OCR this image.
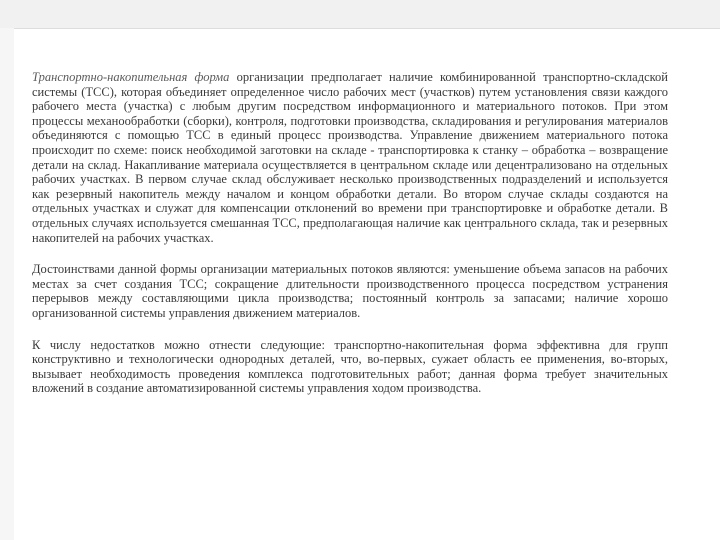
Транспортно-накопительная форма организации предполагает наличие комбинированной транспортно-складской системы (ТСС), которая объединяет определенное число рабочих мест (участков) путем установления связи каждого рабочего места (участка) с любым другим посредством информационного и материального потоков. При этом процессы механообработки (сборки), контроля, подготовки производства, складирования и регулирования материалов объединяются с помощью ТСС в единый процесс производства. Управление движением материального потока происходит по схеме: поиск необходимой заготовки на складе - транспортировка к станку – обработка – возвращение детали на склад. Накапливание материала осуществляется в центральном складе или децентрализовано на отдельных рабочих участках. В первом случае склад обслуживает несколько производственных подразделений и используется как резервный накопитель между началом и концом обработки детали. Во втором случае склады создаются на отдельных участках и служат для компенсации отклонений во времени при транспортировке и обработке детали. В отдельных случаях используется смешанная ТСС, предполагающая наличие как центрального склада, так и резервных накопителей на рабочих участках.

Достоинствами данной формы организации материальных потоков являются: уменьшение объема запасов на рабочих местах за счет создания ТСС; сокращение длительности производственного процесса посредством устранения перерывов между составляющими цикла производства; постоянный контроль за запасами; наличие хорошо организованной системы управления движением материалов.

К числу недостатков можно отнести следующие: транспортно-накопительная форма эффективна для групп конструктивно и технологически однородных деталей, что, во-первых, сужает область ее применения, во-вторых, вызывает необходимость проведения комплекса подготовительных работ; данная форма требует значительных вложений в создание автоматизированной системы управления ходом производства.
